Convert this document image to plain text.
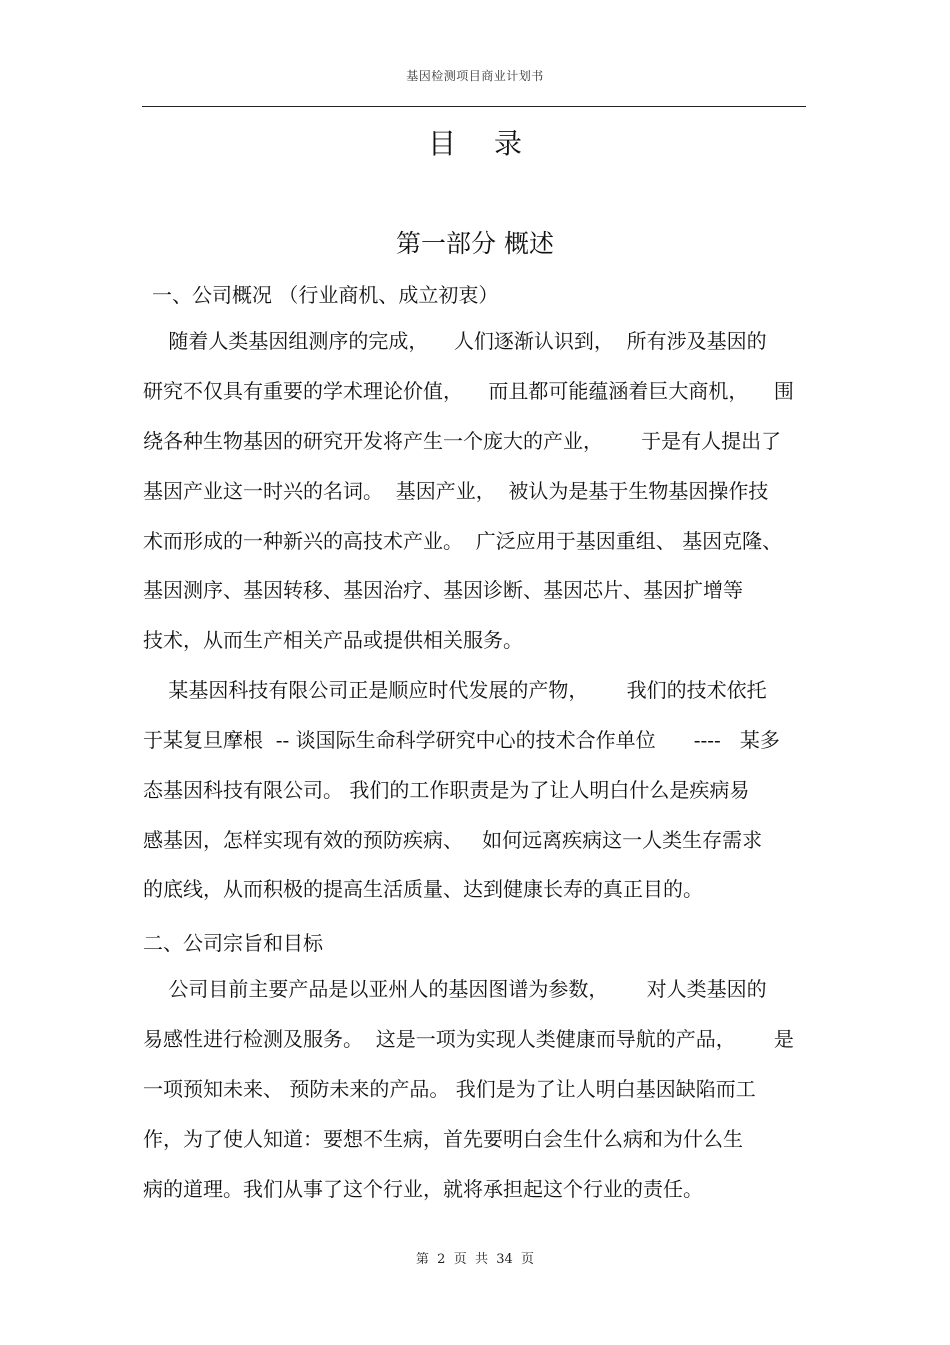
基因检测项目商业计划书
目录
第一部分 概述
一、公司概况 （行业商机、成立初衷）
随着人类基因组测序的完成，    人们逐渐认识到，  所有涉及基因的
研究不仅具有重要的学术理论价值，    而且都可能蕴涵着巨大商机，    围
绕各种生物基因的研究开发将产生一个庞大的产业，      于是有人提出了
基因产业这一时兴的名词。  基因产业，  被认为是基于生物基因操作技
术而形成的一种新兴的高技术产业。  广泛应用于基因重组、 基因克隆、
基因测序、基因转移、基因治疗、基因诊断、基因芯片、基因扩增等
技术，从而生产相关产品或提供相关服务。
某基因科技有限公司正是顺应时代发展的产物，      我们的技术依托
于某复旦摩根  -- 谈国际生命科学研究中心的技术合作单位      ----   某多
态基因科技有限公司。 我们的工作职责是为了让人明白什么是疾病易
感基因，怎样实现有效的预防疾病、   如何远离疾病这一人类生存需求
的底线，从而积极的提高生活质量、达到健康长寿的真正目的。
二、公司宗旨和目标
公司目前主要产品是以亚州人的基因图谱为参数，      对人类基因的
易感性进行检测及服务。  这是一项为实现人类健康而导航的产品，      是
一项预知未来、 预防未来的产品。 我们是为了让人明白基因缺陷而工
作，为了使人知道：要想不生病，首先要明白会生什么病和为什么生
病的道理。我们从事了这个行业，就将承担起这个行业的责任。
第  2  页  共  34  页
